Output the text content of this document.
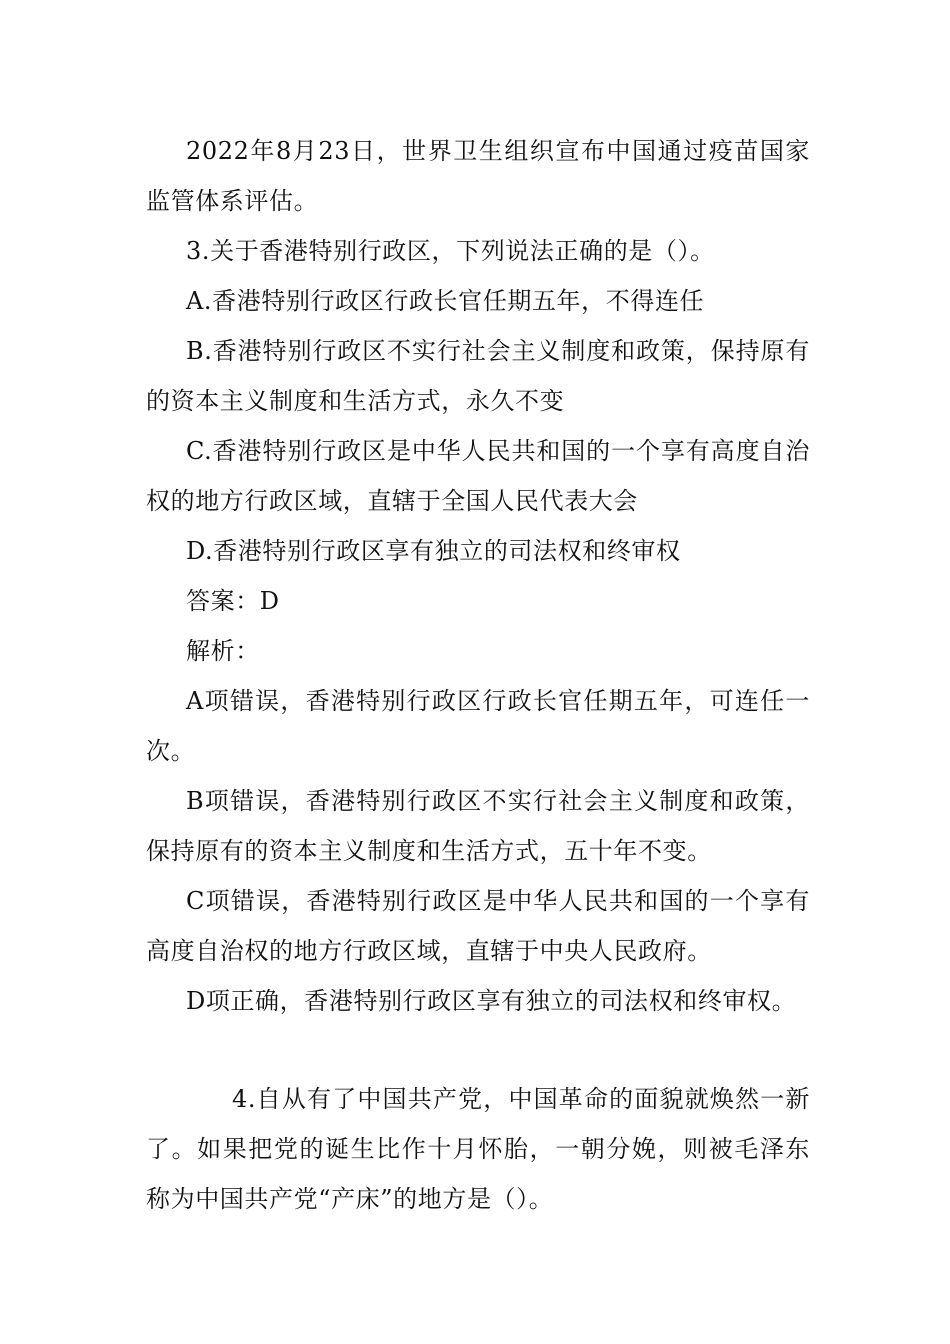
2022年8月23日，世界卫生组织宣布中国通过疫苗国家监管体系评估。

3.关于香港特别行政区，下列说法正确的是（）。

A.香港特别行政区行政长官任期五年，不得连任

B.香港特别行政区不实行社会主义制度和政策，保持原有的资本主义制度和生活方式，永久不变

C.香港特别行政区是中华人民共和国的一个享有高度自治权的地方行政区域，直辖于全国人民代表大会

D.香港特别行政区享有独立的司法权和终审权

答案：D

解析：

A项错误，香港特别行政区行政长官任期五年，可连任一次。

B项错误，香港特别行政区不实行社会主义制度和政策，保持原有的资本主义制度和生活方式，五十年不变。

C项错误，香港特别行政区是中华人民共和国的一个享有高度自治权的地方行政区域，直辖于中央人民政府。

D项正确，香港特别行政区享有独立的司法权和终审权。

4.自从有了中国共产党，中国革命的面貌就焕然一新了。如果把党的诞生比作十月怀胎，一朝分娩，则被毛泽东称为中国共产党“产床”的地方是（）。
